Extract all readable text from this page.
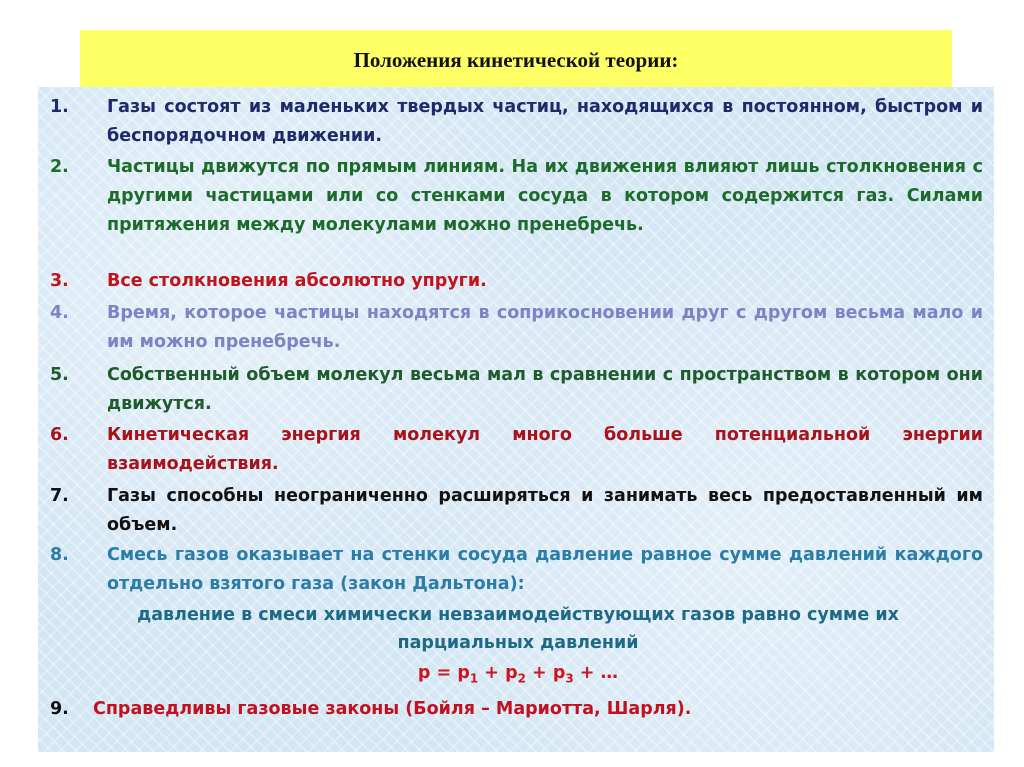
Положения кинетической теории:
1.	Газы состоят из маленьких твердых частиц, находящихся в постоянном, быстром и беспорядочном движении.
2.	Частицы движутся по прямым линиям. На их движения влияют лишь столкновения с другими частицами или со стенками сосуда в котором содержится газ. Силами притяжения между молекулами можно пренебречь.
3.	Все столкновения абсолютно упруги.
4.	Время, которое частицы находятся в соприкосновении друг с другом весьма мало и им можно пренебречь.
5.	Собственный объем молекул весьма мал в сравнении с пространством в котором они движутся.
6.	Кинетическая энергия молекул много больше потенциальной энергии взаимодействия.
7.	Газы способны неограниченно расширяться и занимать весь предоставленный им объем.
8.	Смесь газов оказывает на стенки сосуда давление равное сумме давлений каждого отдельно взятого газа (закон Дальтона):
давление в смеси химически невзаимодействующих газов равно сумме их
парциальных давлений
$p = p_1 + p_2 + p_3$ + …
9.	Справедливы газовые законы (Бойля – Мариотта, Шарля).
